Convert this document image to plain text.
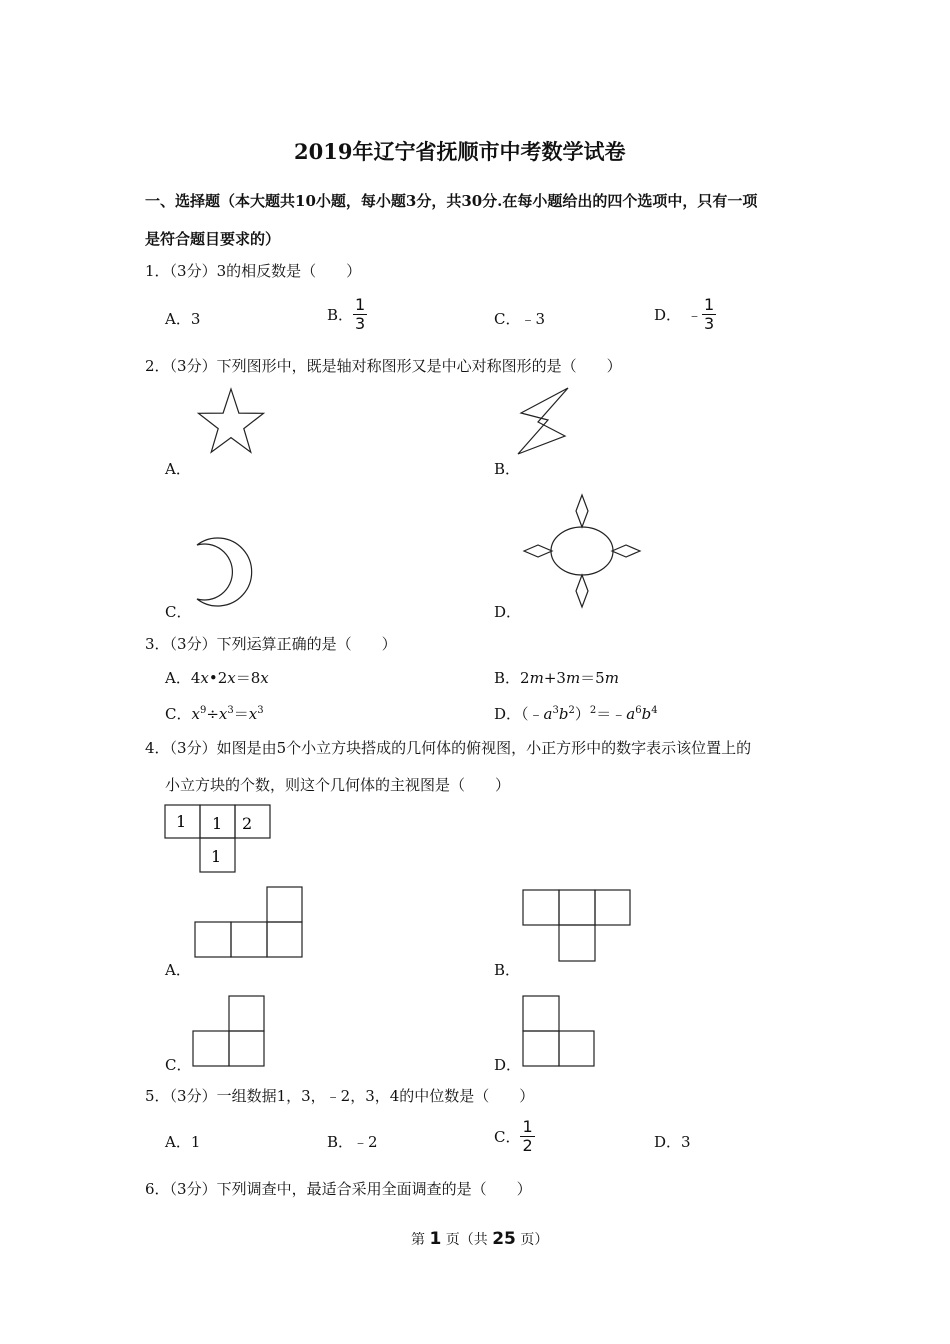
2019年辽宁省抚顺市中考数学试卷
一、选择题（本大题共10小题，每小题3分，共30分.在每小题给出的四个选项中，只有一项
是符合题目要求的）
1．（3分）3的相反数是（　　）
A．3	B． $\frac{1}{3}$	C．﹣3	D． ﹣ $\frac{1}{3}$
2．（3分）下列图形中，既是轴对称图形又是中心对称图形的是（　　）
A．	B．
C．	D．
3．（3分）下列运算正确的是（　　）
A．4x•2x＝8x	B．2m+3m＝5m
C．$x^9\div x^3=x^3$	D．$(﹣a^3b^2)^2=﹣a^6b^4$
4．（3分）如图是由5个小立方块搭成的几何体的俯视图，小正方形中的数字表示该位置上的
小立方块的个数，则这个几何体的主视图是（　　）
1 1 2
1
A．	B．
C．	D．
5．（3分）一组数据1，3，﹣2，3，4的中位数是（　　）
A．1	B．﹣2	C． $\frac{1}{2}$	D．3
6．（3分）下列调查中，最适合采用全面调查的是（　　）
第 1 页（共 25 页）
